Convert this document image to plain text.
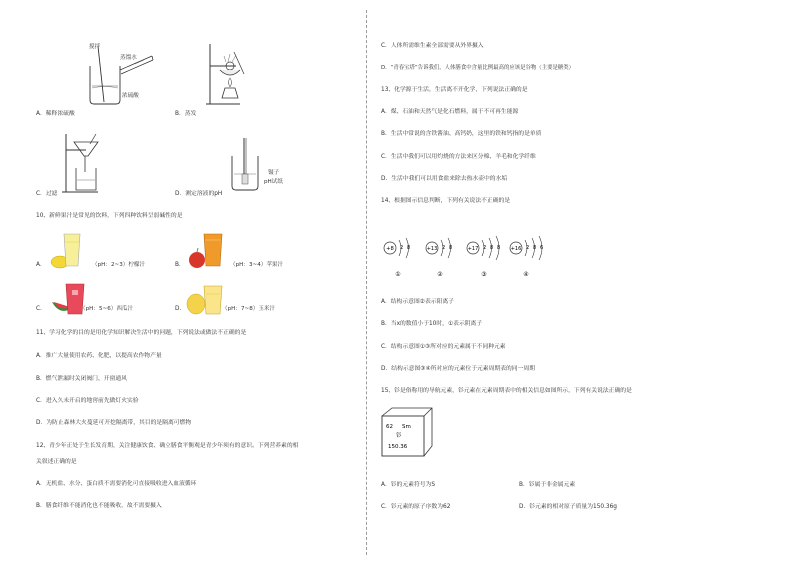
搅拌
蒸馏水
浓硫酸
A．稀释浓硫酸	B．蒸发
镊子
pH试纸
C．过滤	D．测定溶液的pH
10、新鲜果汁是常见的饮料，下列四种饮料呈弱碱性的是
A．	（pH：2~3）柠檬汁	B．	（pH：3~4）苹果汁
C．	（pH：5~6）西瓜汁	D．	（pH：7~8）玉米汁
11、学习化学的目的是用化学知识解决生活中的问题，下列说法或做法不正确的是
A．推广大量使用农药、化肥，以提高农作物产量
B．燃气泄漏时关闭阀门，开窗通风
C．进入久未开启的地窖前先做灯火实验
D．为防止森林大火蔓延可开挖隔离带，其目的是隔离可燃物
12、青少年正处于生长发育期，关注健康饮食、确立膳食平衡观是青少年须有的意识。下列营养素的相
关叙述正确的是
A．无机盐、水分、蛋白质不需要消化可直接吸收进入血液循环
B．膳食纤维不能消化也不能吸收，故不需要摄入
C．人体所需维生素全部需要从外界摄入
D．“青春宝塔”告诉我们，人体膳食中含量比例最高的应该是谷物（主要是糖类）
13、化学源于生活，生活离不开化学，下列说法正确的是
A．煤、石油和天然气是化石燃料，属于不可再生能源
B．生活中常说的含铁酱油、高钙奶，这里的铁和钙指的是单质
C．生活中我们可以用灼烧的方法来区分棉、羊毛和化学纤维
D．生活中我们可以用食盐来除去热水壶中的水垢
14、根据图示信息判断，下列有关说法不正确的是
+8 2 8
①
+13 2 8
②
+17 2 8 8
③
+16 2 8 6
④
A．结构示意图②表示阳离子
B．当x的数值小于10时，①表示阴离子
C．结构示意图①③所对应的元素属于不同种元素
D．结构示意图③④所对应的元素位于元素周期表的同一周期
15、钐是俗称用的导航元素，钐元素在元素周期表中的相关信息如图所示，下列有关说法正确的是
62 Sm
钐
150.36
A．钐的元素符号为S	B．钐属于非金属元素
C．钐元素的原子序数为62	D．钐元素的相对原子质量为150.36g
